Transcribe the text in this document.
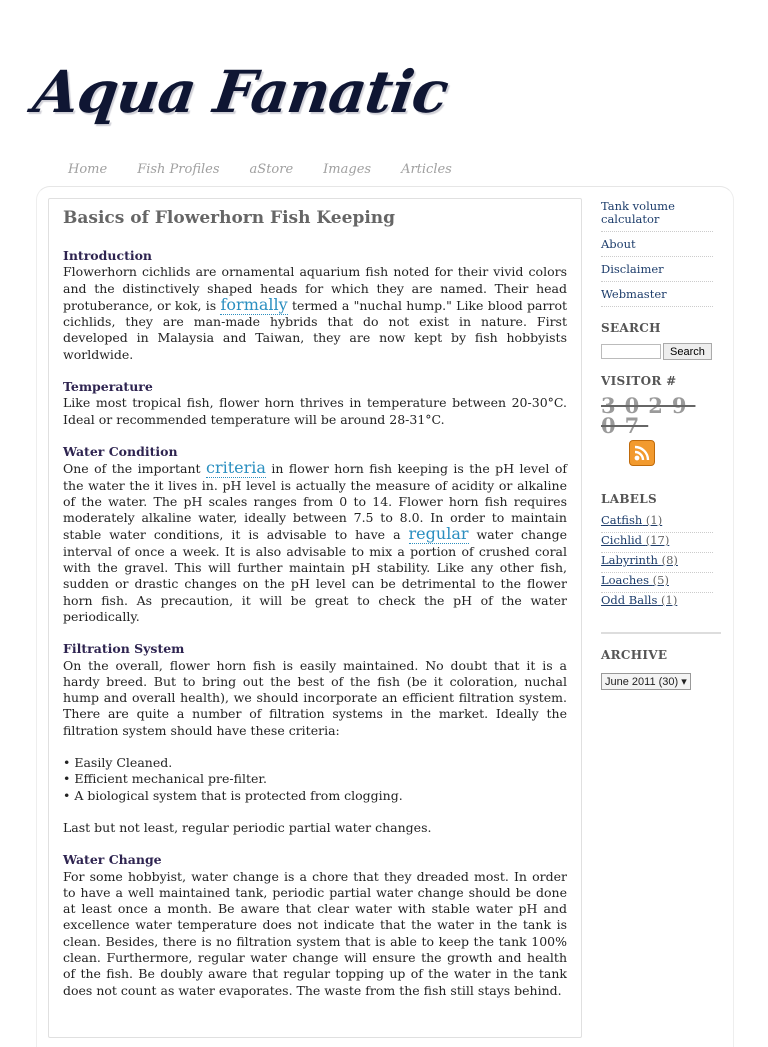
Aqua Fanatic
Home Fish Profiles aStore Images Articles
Basics of Flowerhorn Fish Keeping
Introduction
Flowerhorn cichlids are ornamental aquarium fish noted for their vivid colors and the distinctively shaped heads for which they are named. Their head protuberance, or kok, is formally termed a "nuchal hump." Like blood parrot cichlids, they are man-made hybrids that do not exist in nature. First developed in Malaysia and Taiwan, they are now kept by fish hobbyists worldwide.
Temperature
Like most tropical fish, flower horn thrives in temperature between 20-30°C. Ideal or recommended temperature will be around 28-31°C.
Water Condition
One of the important criteria in flower horn fish keeping is the pH level of the water the it lives in. pH level is actually the measure of acidity or alkaline of the water. The pH scales ranges from 0 to 14. Flower horn fish requires moderately alkaline water, ideally between 7.5 to 8.0. In order to maintain stable water conditions, it is advisable to have a regular water change interval of once a week. It is also advisable to mix a portion of crushed coral with the gravel. This will further maintain pH stability. Like any other fish, sudden or drastic changes on the pH level can be detrimental to the flower horn fish. As precaution, it will be great to check the pH of the water periodically.
Filtration System
On the overall, flower horn fish is easily maintained. No doubt that it is a hardy breed. But to bring out the best of the fish (be it coloration, nuchal hump and overall health), we should incorporate an efficient filtration system. There are quite a number of filtration systems in the market. Ideally the filtration system should have these criteria:
• Easily Cleaned.
• Efficient mechanical pre-filter.
• A biological system that is protected from clogging.
Last but not least, regular periodic partial water changes.
Water Change
For some hobbyist, water change is a chore that they dreaded most. In order to have a well maintained tank, periodic partial water change should be done at least once a month. Be aware that clear water with stable water pH and excellence water temperature does not indicate that the water in the tank is clean. Besides, there is no filtration system that is able to keep the tank 100% clean. Furthermore, regular water change will ensure the growth and health of the fish. Be doubly aware that regular topping up of the water in the tank does not count as water evaporates. The waste from the fish still stays behind.
Tank volume calculator
About
Disclaimer
Webmaster
SEARCH
Search
VISITOR #
302907
LABELS
Catfish (1)
Cichlid (17)
Labyrinth (8)
Loaches (5)
Odd Balls (1)
ARCHIVE
June 2011 (30) ▾
